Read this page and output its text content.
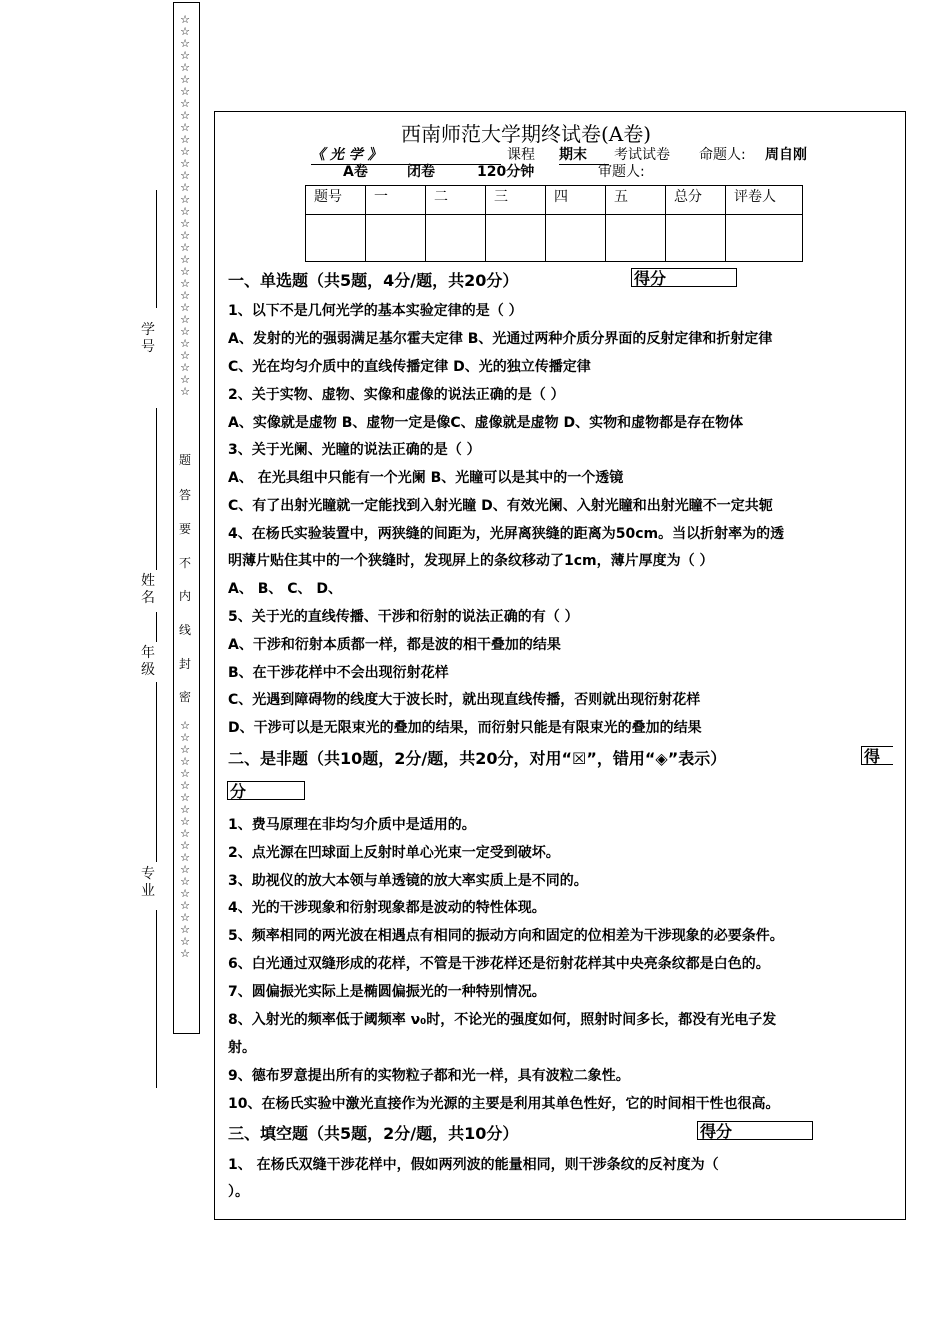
☆☆☆☆☆☆☆☆☆☆☆☆☆☆☆☆☆☆☆☆☆☆☆☆☆☆☆☆☆☆☆☆
题
答
要
不
内
线
封
密
☆☆☆☆☆☆☆☆☆☆☆☆☆☆☆☆☆☆☆☆
学号
姓名
年级
专业
西南师范大学期终试卷(A卷)
《 光 学 》	课程 期末	考试试卷 命题人: 周自刚
A卷	闭卷	120分钟	审题人:
题号	一	二	三	四	五	总分	评卷人

一、单选题（共5题，4分/题，共20分）	得分
1、以下不是几何光学的基本实验定律的是（ ）
A、发射的光的强弱满足基尔霍夫定律 B、光通过两种介质分界面的反射定律和折射定律
C、光在均匀介质中的直线传播定律 D、光的独立传播定律
2、关于实物、虚物、实像和虚像的说法正确的是（ ）
A、实像就是虚物 B、虚物一定是像C、虚像就是虚物 D、实物和虚物都是存在物体
3、关于光阑、光瞳的说法正确的是（ ）
A、 在光具组中只能有一个光阑 B、光瞳可以是其中的一个透镜
C、有了出射光瞳就一定能找到入射光瞳 D、有效光阑、入射光瞳和出射光瞳不一定共轭
4、在杨氏实验装置中，两狭缝的间距为，光屏离狭缝的距离为50cm。当以折射率为的透
明薄片贴住其中的一个狭缝时，发现屏上的条纹移动了1cm，薄片厚度为（ ）
A、 B、 C、 D、
5、关于光的直线传播、干涉和衍射的说法正确的有（ ）
A、干涉和衍射本质都一样，都是波的相干叠加的结果
B、在干涉花样中不会出现衍射花样
C、光遇到障碍物的线度大于波长时，就出现直线传播，否则就出现衍射花样
D、干涉可以是无限束光的叠加的结果，而衍射只能是有限束光的叠加的结果
二、是非题（共10题，2分/题，共20分，对用“☒”，错用“◈”表示）	得
分
1、费马原理在非均匀介质中是适用的。
2、点光源在凹球面上反射时单心光束一定受到破坏。
3、助视仪的放大本领与单透镜的放大率实质上是不同的。
4、光的干涉现象和衍射现象都是波动的特性体现。
5、频率相同的两光波在相遇点有相同的振动方向和固定的位相差为干涉现象的必要条件。
6、白光通过双缝形成的花样，不管是干涉花样还是衍射花样其中央亮条纹都是白色的。
7、圆偏振光实际上是椭圆偏振光的一种特别情况。
8、入射光的频率低于阈频率 ν₀时，不论光的强度如何，照射时间多长，都没有光电子发
射。
9、德布罗意提出所有的实物粒子都和光一样，具有波粒二象性。
10、在杨氏实验中激光直接作为光源的主要是利用其单色性好，它的时间相干性也很高。
三、填空题（共5题，2分/题，共10分）	得分
1、 在杨氏双缝干涉花样中，假如两列波的能量相同，则干涉条纹的反衬度为（
）。
